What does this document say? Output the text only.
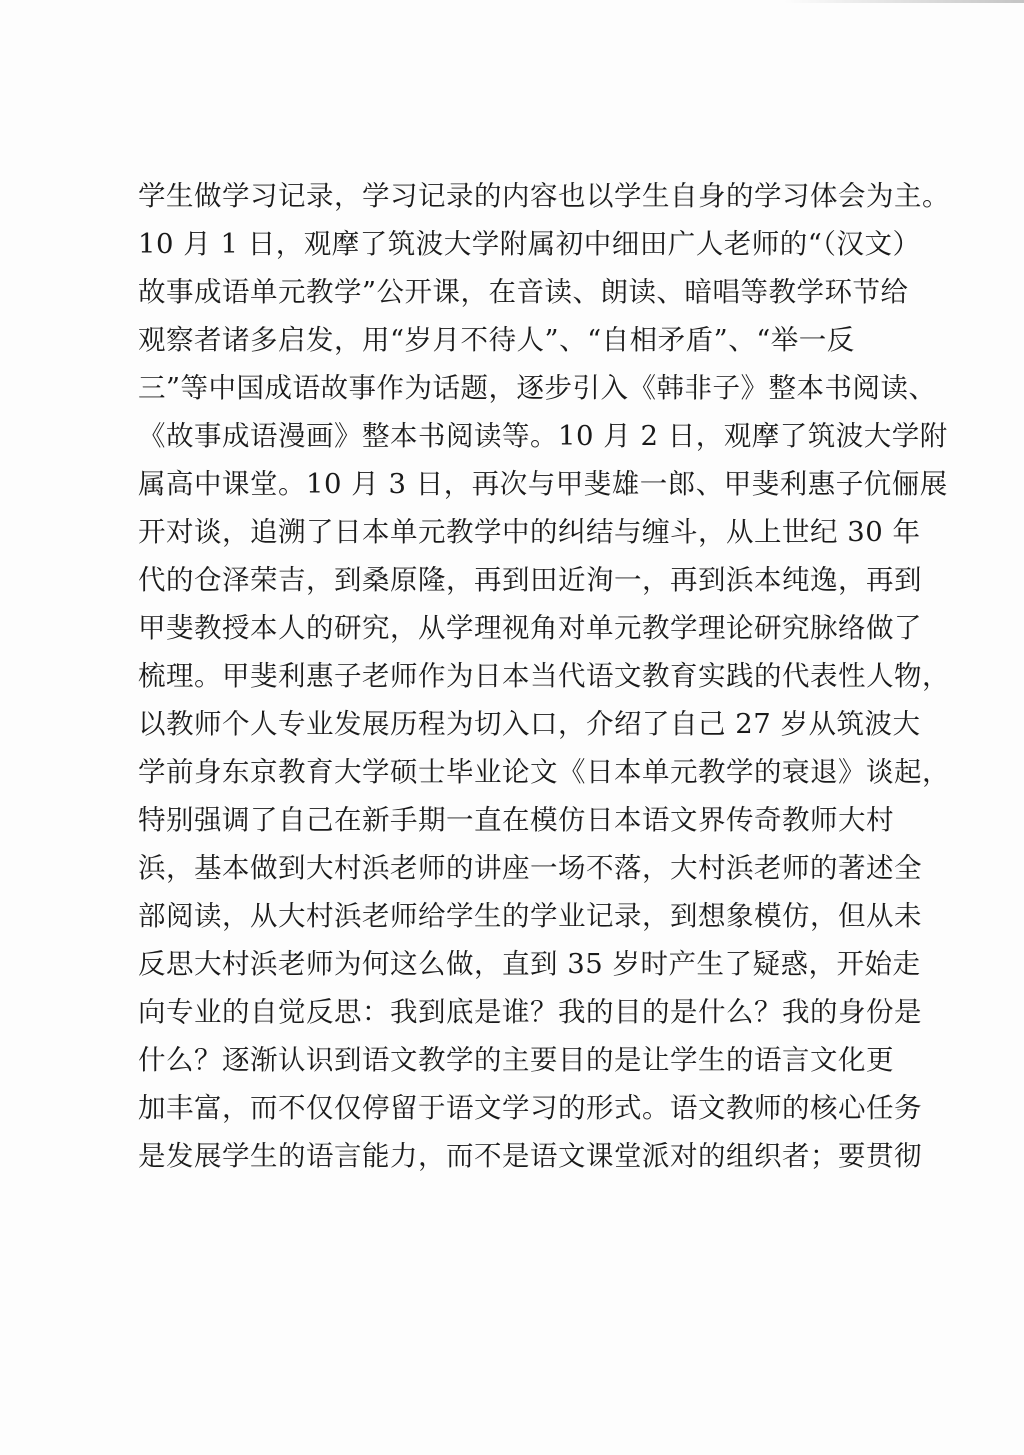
学生做学习记录，学习记录的内容也以学生自身的学习体会为主。
10 月 1 日，观摩了筑波大学附属初中细田广人老师的“（汉文）
故事成语单元教学”公开课，在音读、朗读、暗唱等教学环节给
观察者诸多启发，用“岁月不待人”、“自相矛盾”、“举一反
三”等中国成语故事作为话题，逐步引入《韩非子》整本书阅读、
《故事成语漫画》整本书阅读等。10 月 2 日，观摩了筑波大学附
属高中课堂。10 月 3 日，再次与甲斐雄一郎、甲斐利惠子伉俪展
开对谈，追溯了日本单元教学中的纠结与缠斗，从上世纪 30 年
代的仓泽荣吉，到桑原隆，再到田近洵一，再到浜本纯逸，再到
甲斐教授本人的研究，从学理视角对单元教学理论研究脉络做了
梳理。甲斐利惠子老师作为日本当代语文教育实践的代表性人物，
以教师个人专业发展历程为切入口，介绍了自己 27 岁从筑波大
学前身东京教育大学硕士毕业论文《日本单元教学的衰退》谈起，
特别强调了自己在新手期一直在模仿日本语文界传奇教师大村
浜，基本做到大村浜老师的讲座一场不落，大村浜老师的著述全
部阅读，从大村浜老师给学生的学业记录，到想象模仿，但从未
反思大村浜老师为何这么做，直到 35 岁时产生了疑惑，开始走
向专业的自觉反思：我到底是谁？我的目的是什么？我的身份是
什么？逐渐认识到语文教学的主要目的是让学生的语言文化更
加丰富，而不仅仅停留于语文学习的形式。语文教师的核心任务
是发展学生的语言能力，而不是语文课堂派对的组织者；要贯彻
